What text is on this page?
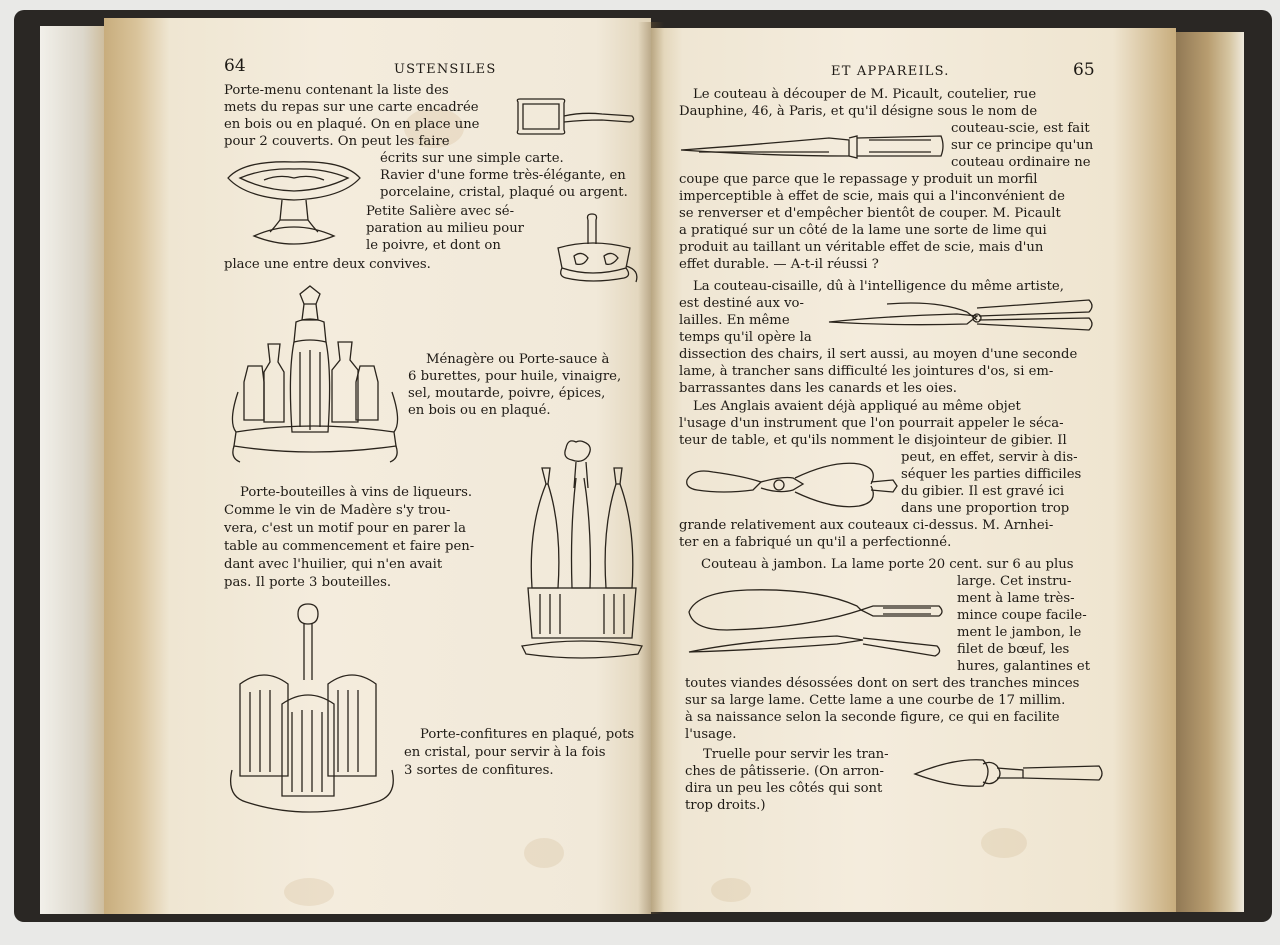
64	USTENSILES
Porte-menu contenant la liste des
mets du repas sur une carte encadrée
en bois ou en plaqué. On en place une
pour 2 couverts. On peut les faire
écrits sur une simple carte.
Ravier d'une forme très-élégante, en
porcelaine, cristal, plaqué ou argent.
Petite Salière avec sé-
paration au milieu pour
le poivre, et dont on
place une entre deux convives.
Ménagère ou Porte-sauce à
6 burettes, pour huile, vinaigre,
sel, moutarde, poivre, épices,
en bois ou en plaqué.
Porte-bouteilles à vins de liqueurs.
Comme le vin de Madère s'y trou-
vera, c'est un motif pour en parer la
table au commencement et faire pen-
dant avec l'huilier, qui n'en avait
pas. Il porte 3 bouteilles.
Porte-confitures en plaqué, pots
en cristal, pour servir à la fois
3 sortes de confitures.
ET APPAREILS.	65
Le couteau à découper de M. Picault, coutelier, rue
Dauphine, 46, à Paris, et qu'il désigne sous le nom de
couteau-scie, est fait
sur ce principe qu'un
couteau ordinaire ne
coupe que parce que le repassage y produit un morfil
imperceptible à effet de scie, mais qui a l'inconvénient de
se renverser et d'empêcher bientôt de couper. M. Picault
a pratiqué sur un côté de la lame une sorte de lime qui
produit au taillant un véritable effet de scie, mais d'un
effet durable. — A-t-il réussi ?
La couteau-cisaille, dû à l'intelligence du même artiste,
est destiné aux vo-
lailles. En même
temps qu'il opère la
dissection des chairs, il sert aussi, au moyen d'une seconde
lame, à trancher sans difficulté les jointures d'os, si em-
barrassantes dans les canards et les oies.
Les Anglais avaient déjà appliqué au même objet
l'usage d'un instrument que l'on pourrait appeler le séca-
teur de table, et qu'ils nomment le disjointeur de gibier. Il
peut, en effet, servir à dis-
séquer les parties difficiles
du gibier. Il est gravé ici
dans une proportion trop
grande relativement aux couteaux ci-dessus. M. Arnhei-
ter en a fabriqué un qu'il a perfectionné.
Couteau à jambon. La lame porte 20 cent. sur 6 au plus
large. Cet instru-
ment à lame très-
mince coupe facile-
ment le jambon, le
filet de bœuf, les
hures, galantines et
toutes viandes désossées dont on sert des tranches minces
sur sa large lame. Cette lame a une courbe de 17 millim.
à sa naissance selon la seconde figure, ce qui en facilite
l'usage.
Truelle pour servir les tran-
ches de pâtisserie. (On arron-
dira un peu les côtés qui sont
trop droits.)
